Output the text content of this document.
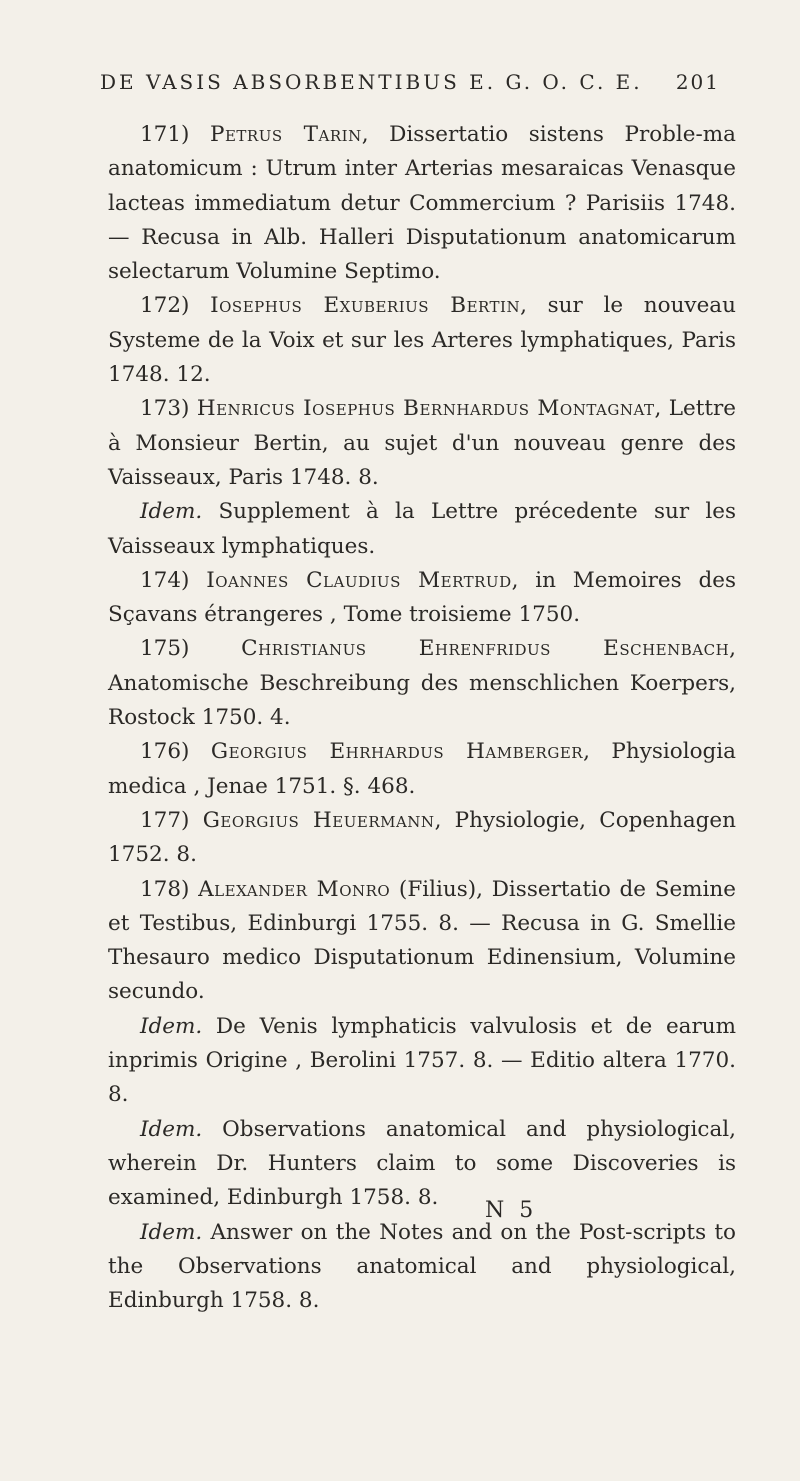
DE VASIS ABSORBENTIBUS E. G. O. C. E. 201

171) Petrus Tarin, Dissertatio sistens Proble-ma anatomicum : Utrum inter Arterias mesaraicas Venasque lacteas immediatum detur Commercium ? Parisiis 1748. — Recusa in Alb. Halleri Disputationum anatomicarum selectarum Volumine Septimo.

172) Iosephus Exuberius Bertin, sur le nouveau Systeme de la Voix et sur les Arteres lymphatiques, Paris 1748. 12.

173) Henricus Iosephus Bernhardus Montagnat, Lettre à Monsieur Bertin, au sujet d'un nouveau genre des Vaisseaux, Paris 1748. 8.

Idem. Supplement à la Lettre précedente sur les Vaisseaux lymphatiques.

174) Ioannes Claudius Mertrud, in Memoires des Sçavans étrangeres , Tome troisieme 1750.

175) Christianus Ehrenfridus Eschenbach, Anatomische Beschreibung des menschlichen Koerpers, Rostock 1750. 4.

176) Georgius Ehrhardus Hamberger, Physiologia medica , Jenae 1751. §. 468.

177) Georgius Heuermann, Physiologie, Copenhagen 1752. 8.

178) Alexander Monro (Filius), Dissertatio de Semine et Testibus, Edinburgi 1755. 8. — Recusa in G. Smellie Thesauro medico Disputationum Edinensium, Volumine secundo.

Idem. De Venis lymphaticis valvulosis et de earum inprimis Origine , Berolini 1757. 8. — Editio altera 1770. 8.

Idem. Observations anatomical and physiological, wherein Dr. Hunters claim to some Discoveries is examined, Edinburgh 1758. 8.

Idem. Answer on the Notes and on the Post-scripts to the Observations anatomical and physiological, Edinburgh 1758. 8.

N 5
